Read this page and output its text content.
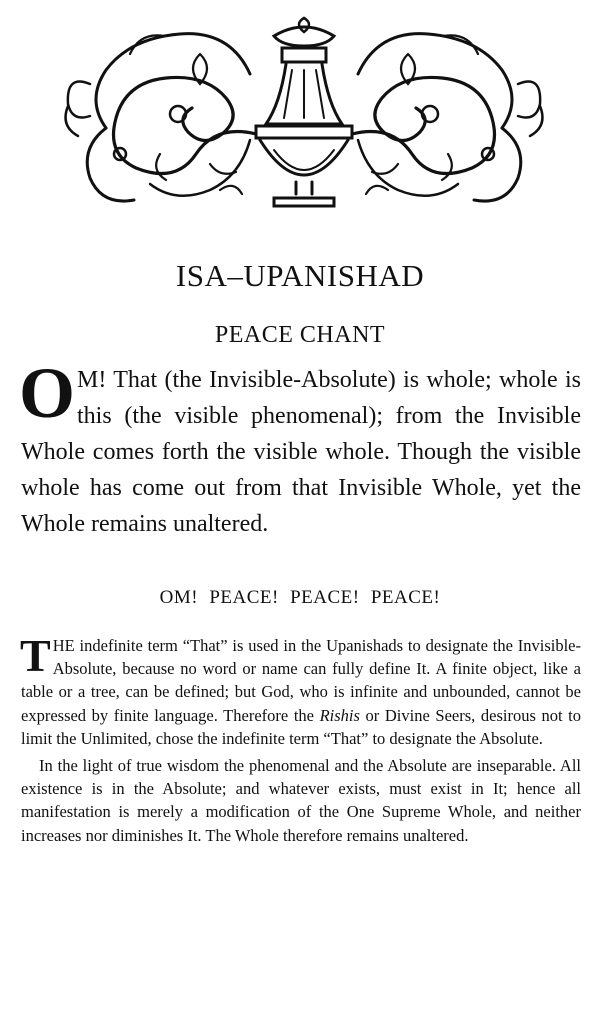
ISA–UPANISHAD
PEACE CHANT
O M! That (the Invisible-Absolute) is whole; whole is this (the visible phenomenal); from the Invisible Whole comes forth the visible whole. Though the visible whole has come out from that Invisible Whole, yet the Whole remains unaltered.
OM! PEACE! PEACE! PEACE!

THE indefinite term “That” is used in the Upanishads to designate the Invisible-Absolute, because no word or name can fully define It. A finite object, like a table or a tree, can be defined; but God, who is infinite and unbounded, cannot be expressed by finite language. Therefore the Rishis or Divine Seers, desirous not to limit the Unlimited, chose the indefinite term “That” to designate the Absolute.

In the light of true wisdom the phenomenal and the Absolute are inseparable. All existence is in the Absolute; and whatever exists, must exist in It; hence all manifestation is merely a modification of the One Supreme Whole, and neither increases nor diminishes It. The Whole therefore remains unaltered.
